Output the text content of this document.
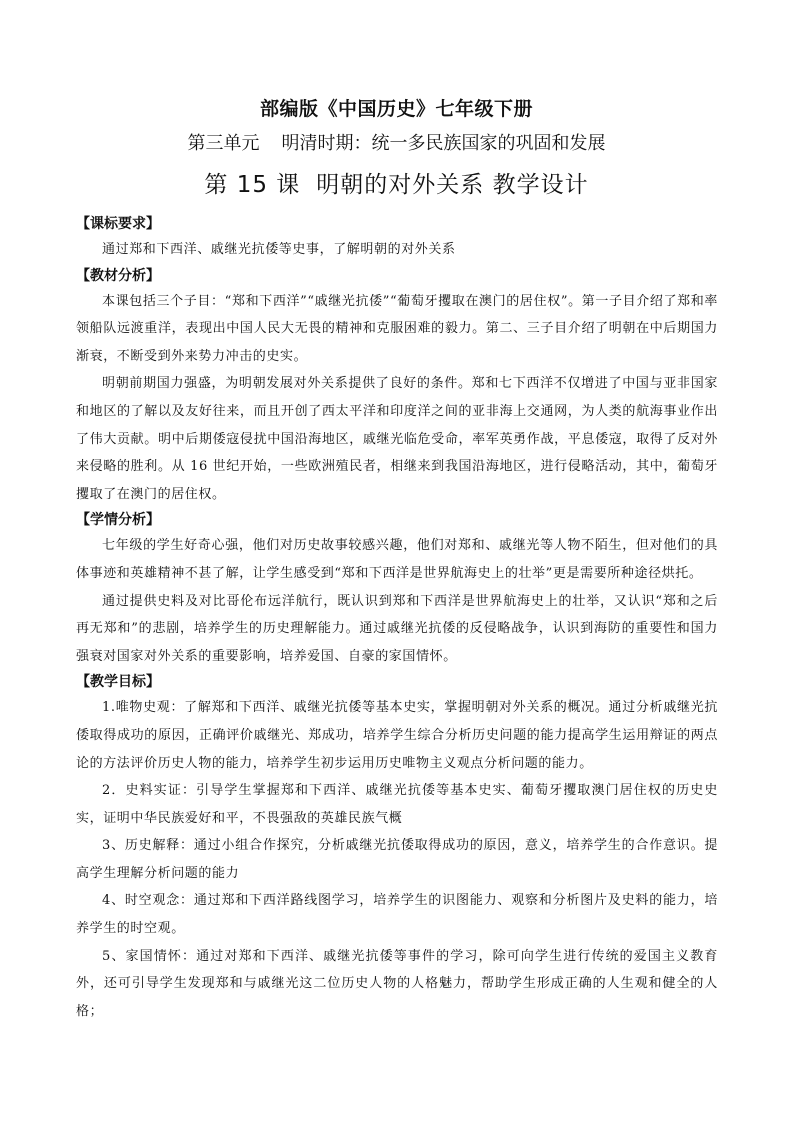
部编版《中国历史》七年级下册
第三单元 明清时期：统一多民族国家的巩固和发展
第 15 课 明朝的对外关系 教学设计

【课标要求】

通过郑和下西洋、戚继光抗倭等史事，了解明朝的对外关系

【教材分析】

本课包括三个子目：“郑和下西洋”“戚继光抗倭”“葡萄牙攫取在澳门的居住权”。第一子目介绍了郑和率领船队远渡重洋，表现出中国人民大无畏的精神和克服困难的毅力。第二、三子目介绍了明朝在中后期国力渐衰，不断受到外来势力冲击的史实。

明朝前期国力强盛，为明朝发展对外关系提供了良好的条件。郑和七下西洋不仅增进了中国与亚非国家和地区的了解以及友好往来，而且开创了西太平洋和印度洋之间的亚非海上交通网，为人类的航海事业作出了伟大贡献。明中后期倭寇侵扰中国沿海地区，戚继光临危受命，率军英勇作战，平息倭寇，取得了反对外来侵略的胜利。从 16 世纪开始，一些欧洲殖民者，相继来到我国沿海地区，进行侵略活动，其中，葡萄牙攫取了在澳门的居住权。

【学情分析】

七年级的学生好奇心强，他们对历史故事较感兴趣，他们对郑和、戚继光等人物不陌生，但对他们的具体事迹和英雄精神不甚了解，让学生感受到“郑和下西洋是世界航海史上的壮举”更是需要所种途径烘托。

通过提供史料及对比哥伦布远洋航行，既认识到郑和下西洋是世界航海史上的壮举，又认识“郑和之后再无郑和”的悲剧，培养学生的历史理解能力。通过戚继光抗倭的反侵略战争，认识到海防的重要性和国力强衰对国家对外关系的重要影响，培养爱国、自豪的家国情怀。

【教学目标】

1.唯物史观：了解郑和下西洋、戚继光抗倭等基本史实，掌握明朝对外关系的概况。通过分析戚继光抗倭取得成功的原因，正确评价戚继光、郑成功，培养学生综合分析历史问题的能力提高学生运用辩证的两点论的方法评价历史人物的能力，培养学生初步运用历史唯物主义观点分析问题的能力。

2．史料实证：引导学生掌握郑和下西洋、戚继光抗倭等基本史实、葡萄牙攫取澳门居住权的历史史实，证明中华民族爱好和平，不畏强敌的英雄民族气概

3、历史解释：通过小组合作探究，分析戚继光抗倭取得成功的原因，意义，培养学生的合作意识。提高学生理解分析问题的能力

4、时空观念：通过郑和下西洋路线图学习，培养学生的识图能力、观察和分析图片及史料的能力，培养学生的时空观。

5、家国情怀：通过对郑和下西洋、戚继光抗倭等事件的学习，除可向学生进行传统的爱国主义教育外，还可引导学生发现郑和与戚继光这二位历史人物的人格魅力，帮助学生形成正确的人生观和健全的人格；
